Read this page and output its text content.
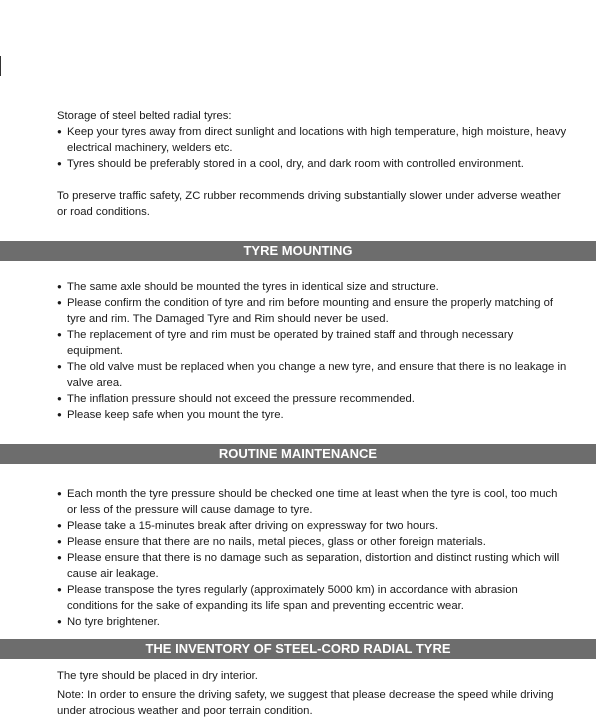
Storage of steel belted radial tyres:

● Keep your tyres away from direct sunlight and locations with high temperature, high moisture, heavy electrical machinery, welders etc.
● Tyres should be preferably stored in a cool, dry, and dark room with controlled environment.

To preserve traffic safety, ZC rubber recommends driving substantially slower under adverse weather or road conditions.

TYRE MOUNTING
● The same axle should be mounted the tyres in identical size and structure.
● Please confirm the condition of tyre and rim before mounting and ensure the properly matching of tyre and rim. The Damaged Tyre and Rim should never be used.
● The replacement of tyre and rim must be operated by trained staff and through necessary equipment.
● The old valve must be replaced when you change a new tyre, and ensure that there is no leakage in valve area.
● The inflation pressure should not exceed the pressure recommended.
● Please keep safe when you mount the tyre.
ROUTINE MAINTENANCE
● Each month the tyre pressure should be checked one time at least when the tyre is cool, too much or less of the pressure will cause damage to tyre.
● Please take a 15-minutes break after driving on expressway for two hours.
● Please ensure that there are no nails, metal pieces, glass or other foreign materials.
● Please ensure that there is no damage such as separation, distortion and distinct rusting which will cause air leakage.
● Please transpose the tyres regularly (approximately 5000 km) in accordance with abrasion conditions for the sake of expanding its life span and preventing eccentric wear.
● No tyre brightener.
THE INVENTORY OF STEEL-CORD RADIAL TYRE

The tyre should be placed in dry interior.

Note: In order to ensure the driving safety, we suggest that please decrease the speed while driving under atrocious weather and poor terrain condition.
